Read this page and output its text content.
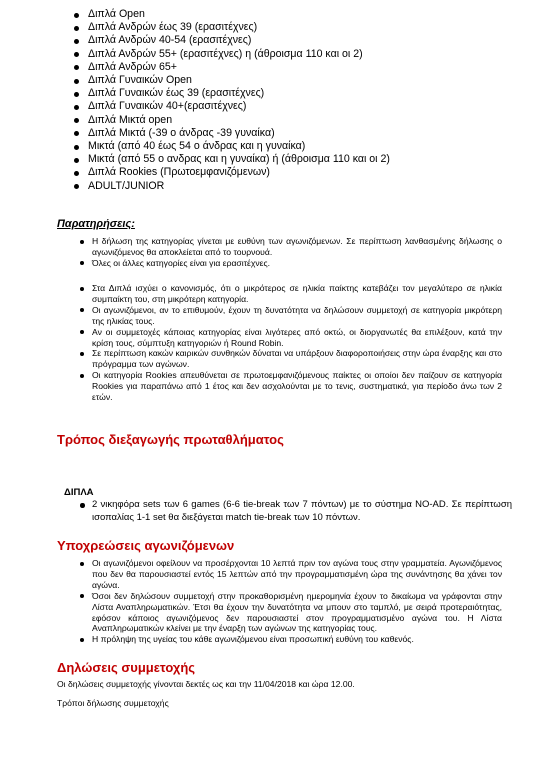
Διπλά Open
Διπλά Ανδρών έως 39 (ερασιτέχνες)
Διπλά Ανδρών 40-54 (ερασιτέχνες)
Διπλά Ανδρών 55+ (ερασιτέχνες) η (άθροισμα 110 και οι 2)
Διπλά Ανδρών 65+
Διπλά Γυναικών Open
Διπλά Γυναικών έως 39 (ερασιτέχνες)
Διπλά Γυναικών 40+(ερασιτέχνες)
Διπλά Μικτά open
Διπλά Μικτά (-39 ο άνδρας -39 γυναίκα)
Μικτά (από 40 έως 54 ο άνδρας και η γυναίκα)
Μικτά (από 55 ο ανδρας και η γυναίκα) ή (άθροισμα 110 και οι 2)
Διπλά Rookies (Πρωτοεμφανιζόμενων)
ADULT/JUNIOR
Παρατηρήσεις:
Η δήλωση της κατηγορίας γίνεται με ευθύνη των αγωνιζόμενων. Σε περίπτωση λανθασμένης δήλωσης ο αγωνιζόμενος θα αποκλείεται από το τουρνουά.
Όλες οι άλλες κατηγορίες είναι για ερασιτέχνες.
Στα Διπλά ισχύει ο κανονισμός, ότι ο μικρότερος σε ηλικία παίκτης κατεβάζει τον μεγαλύτερο σε ηλικία συμπαίκτη του, στη μικρότερη κατηγορία.
Οι αγωνιζόμενοι, αν το επιθυμούν, έχουν τη δυνατότητα να δηλώσουν συμμετοχή σε κατηγορία μικρότερη της ηλικίας τους.
Αν οι συμμετοχές κάποιας κατηγορίας είναι λιγότερες από οκτώ, οι διοργανωτές θα επιλέξουν, κατά την κρίση τους, σύμπτυξη κατηγοριών ή Round Robin.
Σε περίπτωση κακών καιρικών συνθηκών δύναται να υπάρξουν διαφοροποιήσεις στην ώρα έναρξης και στο πρόγραμμα των αγώνων.
Οι κατηγορία Rookies απευθύνεται σε πρωτοεμφανιζόμενους παίκτες οι οποίοι δεν παίζουν σε κατηγορία Rookies για παραπάνω από 1 έτος και δεν ασχολούνται με το τενις, συστηματικά, για περίοδο άνω των 2 ετών.
Τρόπος διεξαγωγής πρωταθλήματος
ΔΙΠΛΑ
2 νικηφόρα sets των 6 games (6-6 tie-break των 7 πόντων) με το σύστημα NO-AD. Σε περίπτωση ισοπαλίας 1-1 set θα διεξάγεται match tie-break των 10 πόντων.
Υποχρεώσεις αγωνιζόμενων
Οι αγωνιζόμενοι οφείλουν να προσέρχονται 10 λεπτά πριν τον αγώνα τους στην γραμματεία. Αγωνιζόμενος που δεν θα παρουσιαστεί εντός 15 λεπτών από την προγραμματισμένη ώρα της συνάντησης θα χάνει τον αγώνα.
Όσοι δεν δηλώσουν συμμετοχή στην προκαθορισμένη ημερομηνία έχουν το δικαίωμα να γράφονται στην Λίστα Αναπληρωματικών. Έτσι θα έχουν την δυνατότητα να μπουν στο ταμπλό, με σειρά προτεραιότητας, εφόσον κάποιος αγωνιζόμενος δεν παρουσιαστεί στον προγραμματισμένο αγώνα του. Η Λίστα Αναπληρωματικών κλείνει με την έναρξη των αγώνων της κατηγορίας τους.
Η πρόληψη της υγείας του κάθε αγωνιζόμενου είναι προσωπική ευθύνη του καθενός.
Δηλώσεις συμμετοχής
Οι δηλώσεις συμμετοχής γίνονται δεκτές ως και την 11/04/2018 και ώρα 12.00.
Τρόποι δήλωσης συμμετοχής
